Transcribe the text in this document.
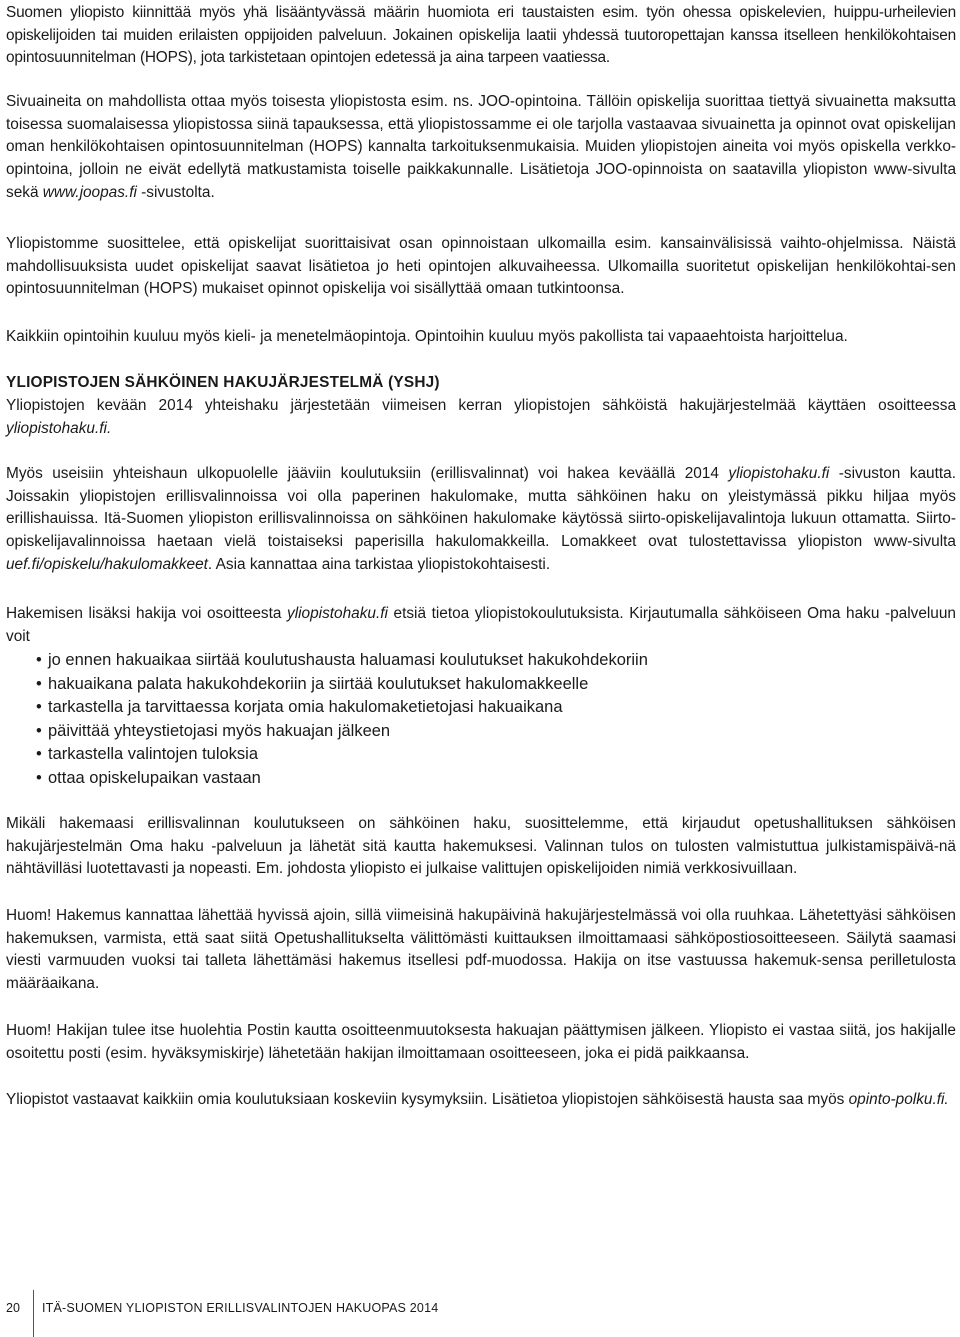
Suomen yliopisto kiinnittää myös yhä lisääntyvässä määrin huomiota eri taustaisten esim. työn ohessa opiskelevien, huippu-urheilevien opiskelijoiden tai muiden erilaisten oppijoiden palveluun. Jokainen opiskelija laatii yhdessä tuutoropettajan kanssa itselleen henkilökohtaisen opintosuunnitelman (HOPS), jota tarkistetaan opintojen edetessä ja aina tarpeen vaatiessa.

Sivuaineita on mahdollista ottaa myös toisesta yliopistosta esim. ns. JOO-opintoina. Tällöin opiskelija suorittaa tiettyä sivuainetta maksutta toisessa suomalaisessa yliopistossa siinä tapauksessa, että yliopistossamme ei ole tarjolla vastaavaa sivuainetta ja opinnot ovat opiskelijan oman henkilökohtaisen opintosuunnitelman (HOPS) kannalta tarkoituksenmukaisia. Muiden yliopistojen aineita voi myös opiskella verkko-opintoina, jolloin ne eivät edellytä matkustamista toiselle paikkakunnalle. Lisätietoja JOO-opinnoista on saatavilla yliopiston www-sivulta sekä www.joopas.fi -sivustolta.

Yliopistomme suosittelee, että opiskelijat suorittaisivat osan opinnoistaan ulkomailla esim. kansainvälisissä vaihto-ohjelmissa. Näistä mahdollisuuksista uudet opiskelijat saavat lisätietoa jo heti opintojen alkuvaiheessa. Ulkomailla suoritetut opiskelijan henkilökohtai-sen opintosuunnitelman (HOPS) mukaiset opinnot opiskelija voi sisällyttää omaan tutkintoonsa.

Kaikkiin opintoihin kuuluu myös kieli- ja menetelmäopintoja. Opintoihin kuuluu myös pakollista tai vapaaehtoista harjoittelua.

YLIOPISTOJEN SÄHKÖINEN HAKUJÄRJESTELMÄ (YSHJ)

Yliopistojen kevään 2014 yhteishaku järjestetään viimeisen kerran yliopistojen sähköistä hakujärjestelmää käyttäen osoitteessa yliopistohaku.fi.

Myös useisiin yhteishaun ulkopuolelle jääviin koulutuksiin (erillisvalinnat) voi hakea keväällä 2014 yliopistohaku.fi -sivuston kautta. Joissakin yliopistojen erillisvalinnoissa voi olla paperinen hakulomake, mutta sähköinen haku on yleistymässä pikku hiljaa myös erillishauissa. Itä-Suomen yliopiston erillisvalinnoissa on sähköinen hakulomake käytössä siirto-opiskelijavalintoja lukuun ottamatta. Siirto-opiskelijavalinnoissa haetaan vielä toistaiseksi paperisilla hakulomakkeilla. Lomakkeet ovat tulostettavissa yliopiston www-sivulta uef.fi/opiskelu/hakulomakkeet. Asia kannattaa aina tarkistaa yliopistokohtaisesti.

Hakemisen lisäksi hakija voi osoitteesta yliopistohaku.fi etsiä tietoa yliopistokoulutuksista. Kirjautumalla sähköiseen Oma haku -palveluun voit

• jo ennen hakuaikaa siirtää koulutushausta haluamasi koulutukset hakukohdekoriin
• hakuaikana palata hakukohdekoriin ja siirtää koulutukset hakulomakkeelle
• tarkastella ja tarvittaessa korjata omia hakulomaketietojasi hakuaikana
• päivittää yhteystietojasi myös hakuajan jälkeen
• tarkastella valintojen tuloksia
• ottaa opiskelupaikan vastaan

Mikäli hakemaasi erillisvalinnan koulutukseen on sähköinen haku, suosittelemme, että kirjaudut opetushallituksen sähköisen hakujärjestelmän Oma haku -palveluun ja lähetät sitä kautta hakemuksesi. Valinnan tulos on tulosten valmistuttua julkistamispäivä-nä nähtävilläsi luotettavasti ja nopeasti. Em. johdosta yliopisto ei julkaise valittujen opiskelijoiden nimiä verkkosivuillaan.

Huom! Hakemus kannattaa lähettää hyvissä ajoin, sillä viimeisinä hakupäivinä hakujärjestelmässä voi olla ruuhkaa. Lähetettyäsi sähköisen hakemuksen, varmista, että saat siitä Opetushallitukselta välittömästi kuittauksen ilmoittamaasi sähköpostiosoitteeseen. Säilytä saamasi viesti varmuuden vuoksi tai talleta lähettämäsi hakemus itsellesi pdf-muodossa. Hakija on itse vastuussa hakemuk-sensa perilletulosta määräaikana.

Huom! Hakijan tulee itse huolehtia Postin kautta osoitteenmuutoksesta hakuajan päättymisen jälkeen. Yliopisto ei vastaa siitä, jos hakijalle osoitettu posti (esim. hyväksymiskirje) lähetetään hakijan ilmoittamaan osoitteeseen, joka ei pidä paikkaansa.

Yliopistot vastaavat kaikkiin omia koulutuksiaan koskeviin kysymyksiin. Lisätietoa yliopistojen sähköisestä hausta saa myös opinto-polku.fi.

20 ITÄ-SUOMEN YLIOPISTON ERILLISVALINTOJEN HAKUOPAS 2014
